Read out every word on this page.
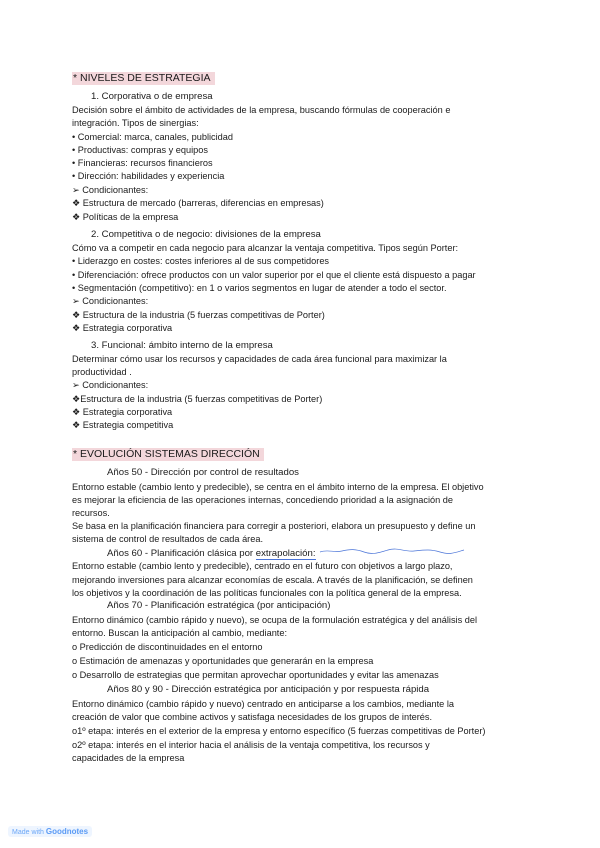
* NIVELES DE ESTRATEGIA
1. Corporativa o de empresa
Decisión sobre el ámbito de actividades de la empresa, buscando fórmulas de cooperación e
integración. Tipos de sinergias:
• Comercial: marca, canales, publicidad
• Productivas: compras y equipos
• Financieras: recursos financieros
• Dirección: habilidades y experiencia
➢ Condicionantes:
❖ Estructura de mercado (barreras, diferencias en empresas)
❖ Políticas de la empresa
2. Competitiva o de negocio: divisiones de la empresa
Cómo va a competir en cada negocio para alcanzar la ventaja competitiva. Tipos según Porter:
• Liderazgo en costes: costes inferiores al de sus competidores
• Diferenciación: ofrece productos con un valor superior por el que el cliente está dispuesto a pagar
• Segmentación (competitivo): en 1 o varios segmentos en lugar de atender a todo el sector.
➢ Condicionantes:
❖ Estructura de la industria (5 fuerzas competitivas de Porter)
❖ Estrategia corporativa
3. Funcional: ámbito interno de la empresa
Determinar cómo usar los recursos y capacidades de cada área funcional para maximizar la
productividad .
➢ Condicionantes:
❖Estructura de la industria (5 fuerzas competitivas de Porter)
❖ Estrategia corporativa
❖ Estrategia competitiva
* EVOLUCIÓN SISTEMAS DIRECCIÓN
Años 50 - Dirección por control de resultados
Entorno estable (cambio lento y predecible), se centra en el ámbito interno de la empresa. El objetivo
es mejorar la eficiencia de las operaciones internas, concediendo prioridad a la asignación de
recursos.
Se basa en la planificación financiera para corregir a posteriori, elabora un presupuesto y define un
sistema de control de resultados de cada área.
Años 60 - Planificación clásica por extrapolación:
Entorno estable (cambio lento y predecible), centrado en el futuro con objetivos a largo plazo,
mejorando inversiones para alcanzar economías de escala. A través de la planificación, se definen
los objetivos y la coordinación de las políticas funcionales con la política general de la empresa.
Años 70 - Planificación estratégica (por anticipación)
Entorno dinámico (cambio rápido y nuevo), se ocupa de la formulación estratégica y del análisis del
entorno. Buscan la anticipación al cambio, mediante:
o Predicción de discontinuidades en el entorno
o Estimación de amenazas y oportunidades que generarán en la empresa
o Desarrollo de estrategias que permitan aprovechar oportunidades y evitar las amenazas
Años 80 y 90 - Dirección estratégica por anticipación y por respuesta rápida
Entorno dinámico (cambio rápido y nuevo) centrado en anticiparse a los cambios, mediante la
creación de valor que combine activos y satisfaga necesidades de los grupos de interés.
o1º etapa: interés en el exterior de la empresa y entorno específico (5 fuerzas competitivas de Porter)
o2º etapa: interés en el interior hacia el análisis de la ventaja competitiva, los recursos y
capacidades de la empresa
Made with Goodnotes
